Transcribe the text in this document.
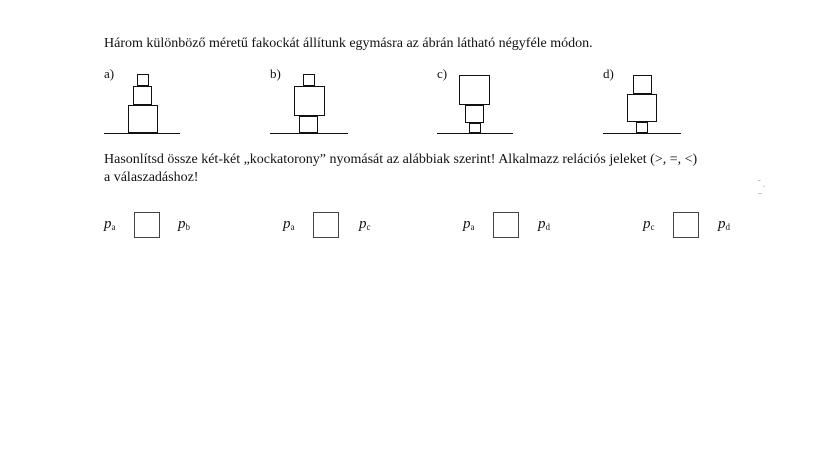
Három különböző méretű fakockát állítunk egymásra az ábrán látható négyféle módon.
a)	b)	c)	d)
Hasonlítsd össze két-két „kockatorony” nyomását az alábbiak szerint! Alkalmazz relációs jeleket (>, =, <)
a válaszadáshoz!	ˉ ˏ
..
$p_a$	$p_b$	$p_a$	$p_c$	$p_a$	$p_d$	$p_c$	$p_d$
